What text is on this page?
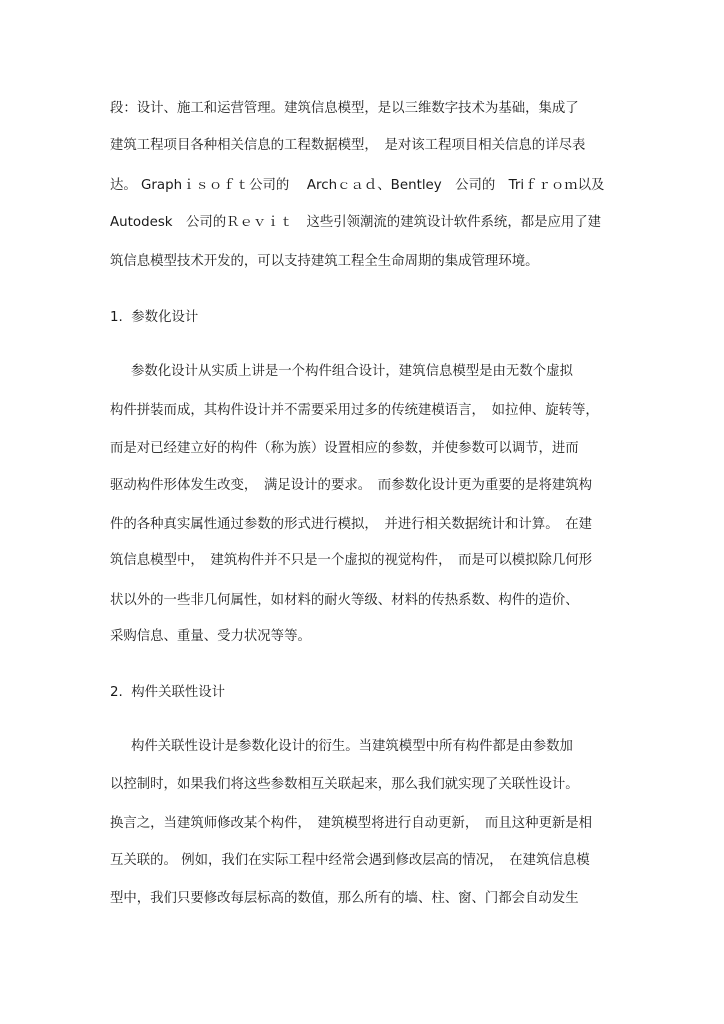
段：设计、施工和运营管理。建筑信息模型，是以三维数字技术为基础，集成了
建筑工程项目各种相关信息的工程数据模型，　是对该工程项目相关信息的详尽表
达。 Graphｉｓｏｆｔ公司的　 Archｃａｄ、Bentley　公司的　Triｆｒｏｍ以及
Autodesk　公司的Ｒｅｖｉｔ　这些引领潮流的建筑设计软件系统，都是应用了建
筑信息模型技术开发的，可以支持建筑工程全生命周期的集成管理环境。
1.  参数化设计
参数化设计从实质上讲是一个构件组合设计，建筑信息模型是由无数个虚拟
构件拼装而成，其构件设计并不需要采用过多的传统建模语言，　如拉伸、旋转等，
而是对已经建立好的构件（称为族）设置相应的参数，并使参数可以调节，进而
驱动构件形体发生改变，　满足设计的要求。　而参数化设计更为重要的是将建筑构
件的各种真实属性通过参数的形式进行模拟，　并进行相关数据统计和计算。　在建
筑信息模型中，　建筑构件并不只是一个虚拟的视觉构件，　而是可以模拟除几何形
状以外的一些非几何属性，如材料的耐火等级、材料的传热系数、构件的造价、
采购信息、重量、受力状况等等。
2.  构件关联性设计
构件关联性设计是参数化设计的衍生。当建筑模型中所有构件都是由参数加
以控制时，如果我们将这些参数相互关联起来，那么我们就实现了关联性设计。
换言之，当建筑师修改某个构件，　建筑模型将进行自动更新，　而且这种更新是相
互关联的。 例如，我们在实际工程中经常会遇到修改层高的情况，　在建筑信息模
型中，我们只要修改每层标高的数值，那么所有的墙、柱、窗、门都会自动发生
